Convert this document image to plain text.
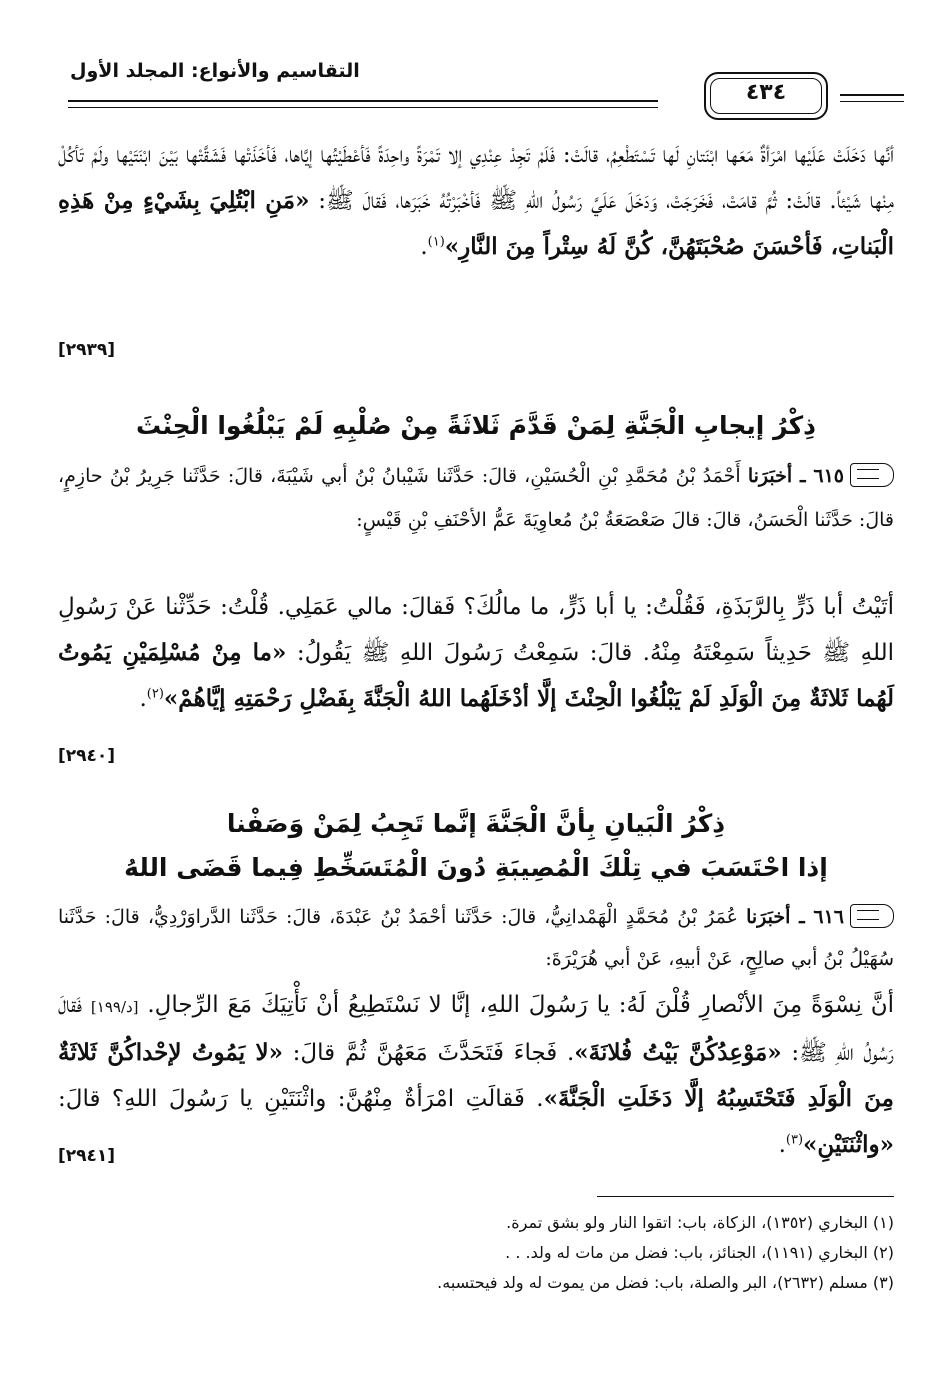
التقاسيم والأنواع: المجلد الأول
٤٣٤
أنَّها دَخَلَتْ عَلَيْها امْرَأةٌ مَعَها ابْنَتانِ لَها تَسْتَطْعِمُ، قالَتْ: فَلَمْ تَجِدْ عِنْدِي إلا تَمْرَةً واحِدَةً فَأعْطَيْتُها إيَّاها، فَأخَذَتْها فَشَقَّتْها بَيْنَ ابْنَتَيْها ولَمْ تَأكُلْ مِنْها شَيْئاً. قالَتْ: ثُمَّ قامَتْ، فَخَرَجَتْ، وَدَخَلَ عَلَيَّ رَسُولُ اللهِ ﷺ فَأخْبَرْتُهُ خَبَرَها، فَقالَ ﷺ: «مَنِ ابْتُلِيَ بِشَيْءٍ مِنْ هَذِهِ الْبَناتِ، فَأحْسَنَ صُحْبَتَهُنَّ، كُنَّ لَهُ سِتْراً مِنَ النَّارِ»$^{(١)}$.
[٢٩٣٩]
ذِكْرُ إيجابِ الْجَنَّةِ لِمَنْ قَدَّمَ ثَلاثَةً مِنْ صُلْبِهِ لَمْ يَبْلُغُوا الْحِنْثَ
٦١٥ ـ أخبَرَنا أَحْمَدُ بْنُ مُحَمَّدِ بْنِ الْحُسَيْنِ، قالَ: حَدَّثَنا شَيْبانُ بْنُ أبي شَيْبَةَ، قالَ: حَدَّثَنا جَرِيرُ بْنُ حازِمٍ، قالَ: حَدَّثَنا الْحَسَنُ، قالَ: قالَ صَعْصَعَةُ بْنُ مُعاوِيَةَ عَمُّ الأحْنَفِ بْنِ قَيْسٍ:
أتَيْتُ أبا ذَرٍّ بِالرَّبَذَةِ، فَقُلْتُ: يا أبا ذَرٍّ، ما مالُكَ؟ فَقالَ: مالي عَمَلِي. قُلْتُ: حَدِّثْنا عَنْ رَسُولِ اللهِ ﷺ حَدِيثاً سَمِعْتَهُ مِنْهُ. قالَ: سَمِعْتُ رَسُولَ اللهِ ﷺ يَقُولُ: «ما مِنْ مُسْلِمَيْنِ يَمُوتُ لَهُما ثَلاثَةٌ مِنَ الْوَلَدِ لَمْ يَبْلُغُوا الْحِنْثَ إلَّا أدْخَلَهُما اللهُ الْجَنَّةَ بِفَضْلِ رَحْمَتِهِ إيَّاهُمْ»$^{(٢)}$.
[٢٩٤٠]
ذِكْرُ الْبَيانِ بِأنَّ الْجَنَّةَ إنَّما تَجِبُ لِمَنْ وَصَفْنا
إذا احْتَسَبَ في تِلْكَ الْمُصِيبَةِ دُونَ الْمُتَسَخِّطِ فِيما قَضَى اللهُ
٦١٦ ـ أخبَرَنا عُمَرُ بْنُ مُحَمَّدٍ الْهَمْدانِيُّ، قالَ: حَدَّثَنا أحْمَدُ بْنُ عَبْدَةَ، قالَ: حَدَّثَنا الدَّراوَرْدِيُّ، قالَ: حَدَّثَنا سُهَيْلُ بْنُ أبي صالِحٍ، عَنْ أبيهِ، عَنْ أبي هُرَيْرَةَ:
أنَّ نِسْوَةً مِنَ الأنْصارِ قُلْنَ لَهُ: يا رَسُولَ اللهِ، إنَّا لا نَسْتَطِيعُ أنْ نَأْتِيَكَ مَعَ الرِّجالِ. [د/١٩٩] فَقالَ رَسُولُ اللهِ ﷺ: «مَوْعِدُكُنَّ بَيْتُ فُلانَةَ». فَجاءَ فَتَحَدَّثَ مَعَهُنَّ ثُمَّ قالَ: «لا يَمُوتُ لإحْداكُنَّ ثَلاثَةٌ مِنَ الْوَلَدِ فَتَحْتَسِبُهُ إلَّا دَخَلَتِ الْجَنَّةَ». فَقالَتِ امْرَأةٌ مِنْهُنَّ: واثْنَتَيْنِ يا رَسُولَ اللهِ؟ قالَ: «واثْنَتَيْنِ»$^{(٣)}$.
[٢٩٤١]
(١) البخاري (١٣٥٢)، الزكاة، باب: اتقوا النار ولو بشق تمرة.
(٢) البخاري (١١٩١)، الجنائز، باب: فضل من مات له ولد. . .
(٣) مسلم (٢٦٣٢)، البر والصلة، باب: فضل من يموت له ولد فيحتسبه.
